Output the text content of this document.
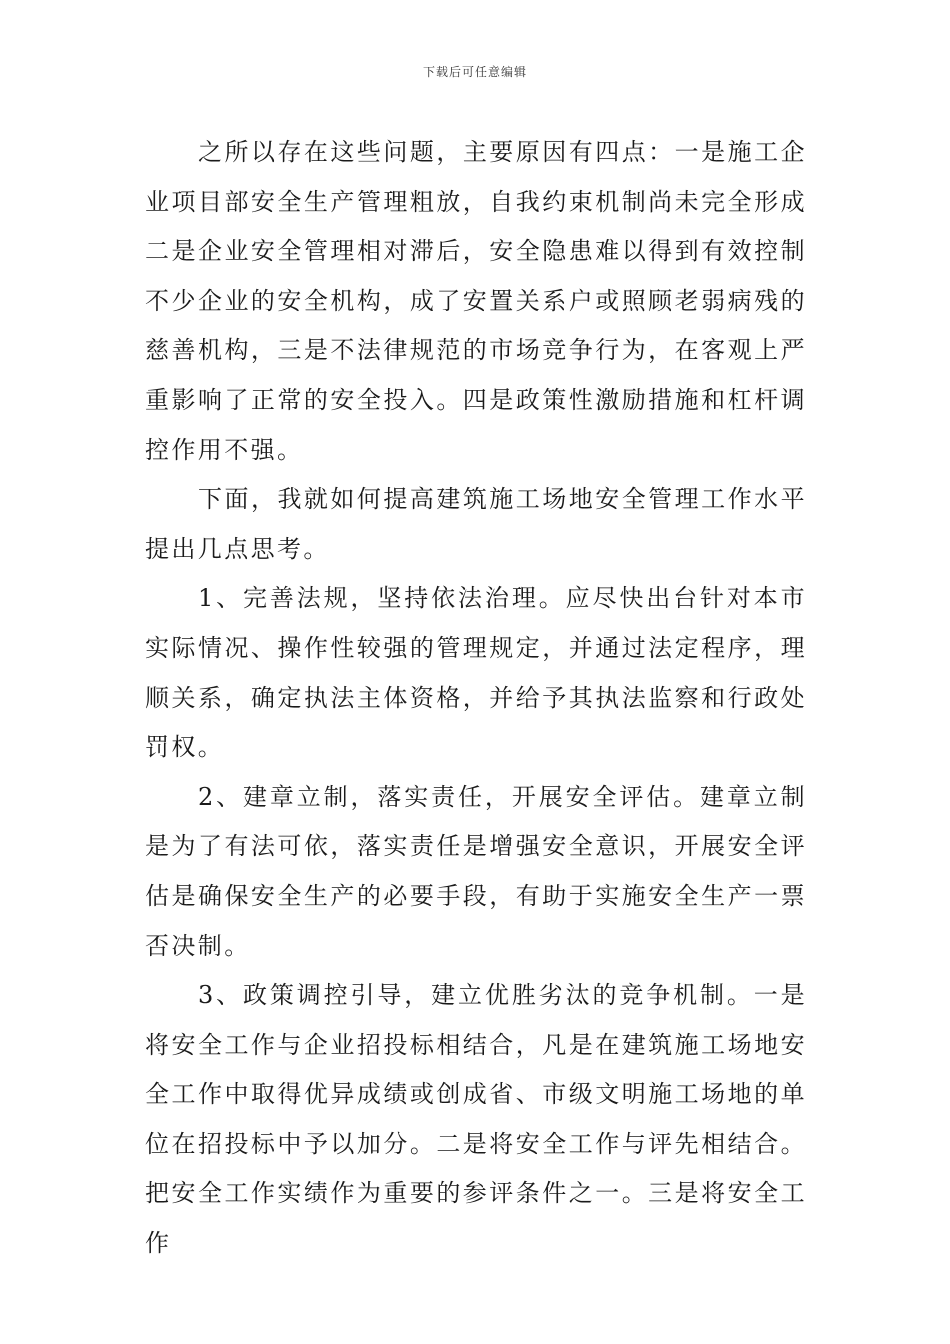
下载后可任意编辑

之所以存在这些问题，主要原因有四点：一是施工企业项目部安全生产管理粗放，自我约束机制尚未完全形成二是企业安全管理相对滞后，安全隐患难以得到有效控制不少企业的安全机构，成了安置关系户或照顾老弱病残的慈善机构，三是不法律规范的市场竞争行为，在客观上严重影响了正常的安全投入。四是政策性激励措施和杠杆调控作用不强。

下面，我就如何提高建筑施工场地安全管理工作水平提出几点思考。

1、完善法规，坚持依法治理。应尽快出台针对本市实际情况、操作性较强的管理规定，并通过法定程序，理顺关系，确定执法主体资格，并给予其执法监察和行政处罚权。

2、建章立制，落实责任，开展安全评估。建章立制是为了有法可依，落实责任是增强安全意识，开展安全评估是确保安全生产的必要手段，有助于实施安全生产一票否决制。

3、政策调控引导，建立优胜劣汰的竞争机制。一是将安全工作与企业招投标相结合，凡是在建筑施工场地安全工作中取得优异成绩或创成省、市级文明施工场地的单位在招投标中予以加分。二是将安全工作与评先相结合。把安全工作实绩作为重要的参评条件之一。三是将安全工作
